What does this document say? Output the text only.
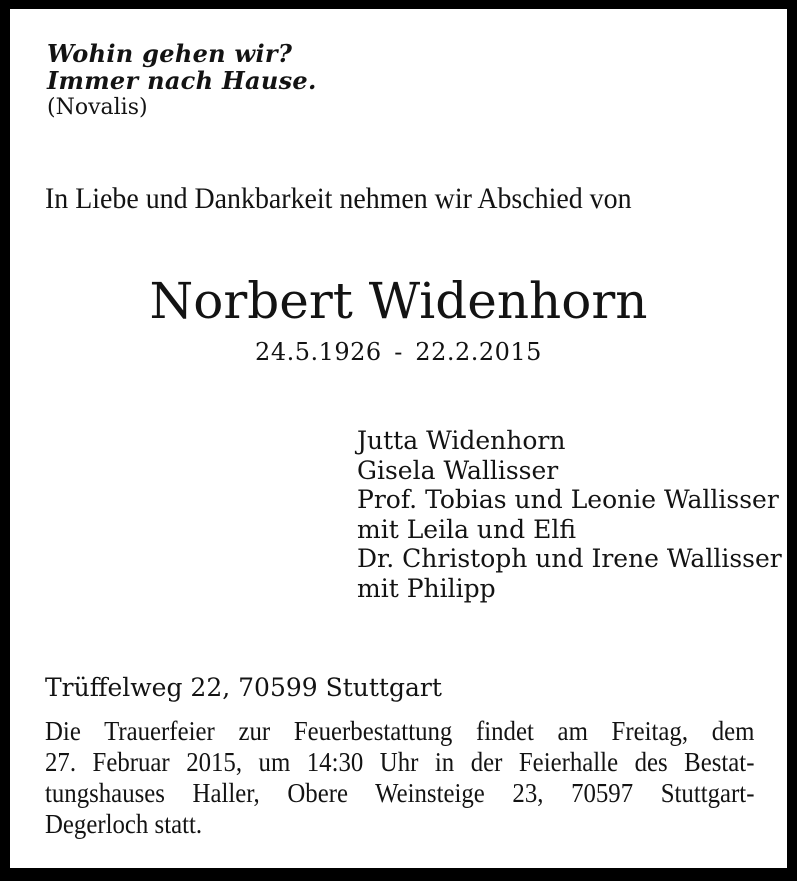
Wohin gehen wir?
Immer nach Hause.
(Novalis)
In Liebe und Dankbarkeit nehmen wir Abschied von
Norbert Widenhorn
24.5.1926 - 22.2.2015
Jutta Widenhorn
Gisela Wallisser
Prof. Tobias und Leonie Wallisser
mit Leila und Elfi
Dr. Christoph und Irene Wallisser
mit Philipp
Trüffelweg 22, 70599 Stuttgart
Die Trauerfeier zur Feuerbestattung findet am Freitag, dem
27. Februar 2015, um 14:30 Uhr in der Feierhalle des Bestat-
tungshauses Haller, Obere Weinsteige 23, 70597 Stuttgart-
Degerloch statt.
